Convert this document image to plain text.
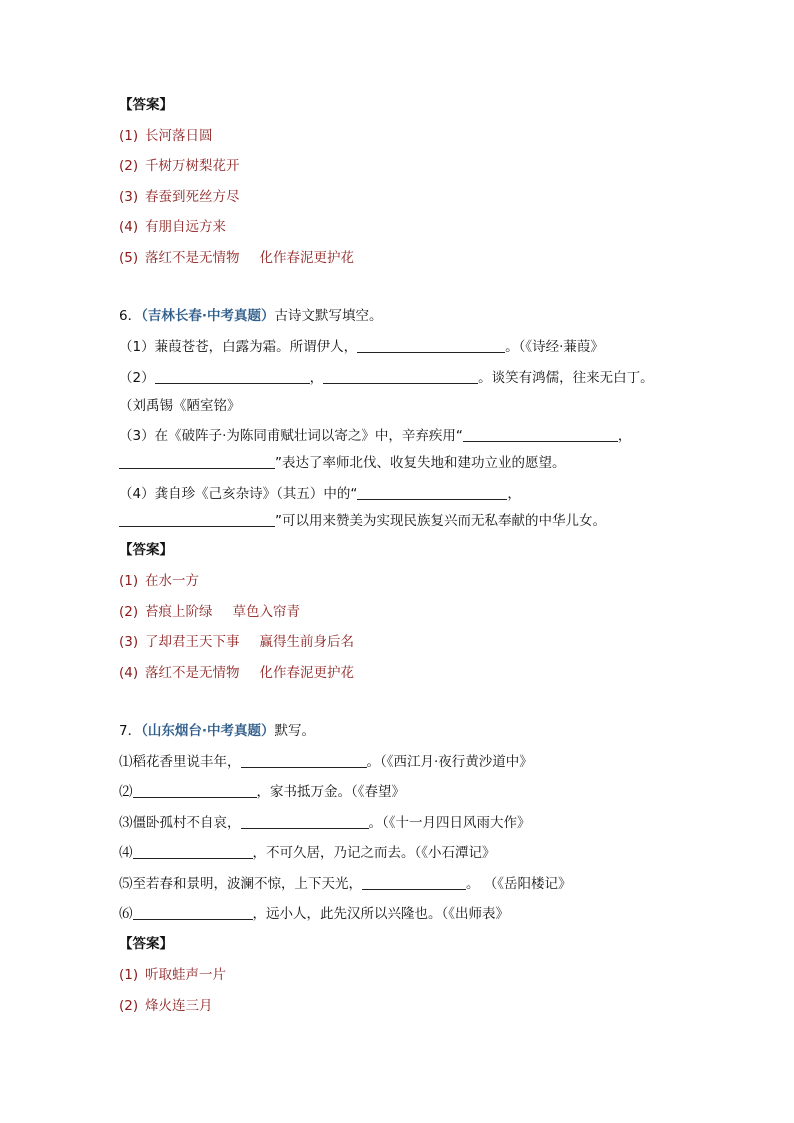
【答案】
(1) 长河落日圆
(2) 千树万树梨花开
(3) 春蚕到死丝方尽
(4) 有朋自远方来
(5) 落红不是无情物 化作春泥更护花
6．（吉林长春·中考真题）古诗文默写填空。
（1）蒹葭苍苍，白露为霜。所谓伊人，	。（《诗经·蒹葭》
（2）	，	。谈笑有鸿儒，往来无白丁。
（刘禹锡《陋室铭》
（3）在《破阵子·为陈同甫赋壮词以寄之》中，辛弃疾用“	，
”表达了率师北伐、收复失地和建功立业的愿望。
（4）龚自珍《己亥杂诗》（其五）中的“	，
”可以用来赞美为实现民族复兴而无私奉献的中华儿女。
【答案】
(1) 在水一方
(2) 苔痕上阶绿 草色入帘青
(3) 了却君王天下事 赢得生前身后名
(4) 落红不是无情物 化作春泥更护花
7．（山东烟台·中考真题）默写。
⑴稻花香里说丰年，	。（《西江月·夜行黄沙道中》
⑵	，家书抵万金。（《春望》
⑶僵卧孤村不自哀，	。（《十一月四日风雨大作》
⑷	，不可久居，乃记之而去。（《小石潭记》
⑸至若春和景明，波澜不惊，上下天光，	。 （《岳阳楼记》
⑹	，远小人，此先汉所以兴隆也。（《出师表》
【答案】
(1) 听取蛙声一片
(2) 烽火连三月
